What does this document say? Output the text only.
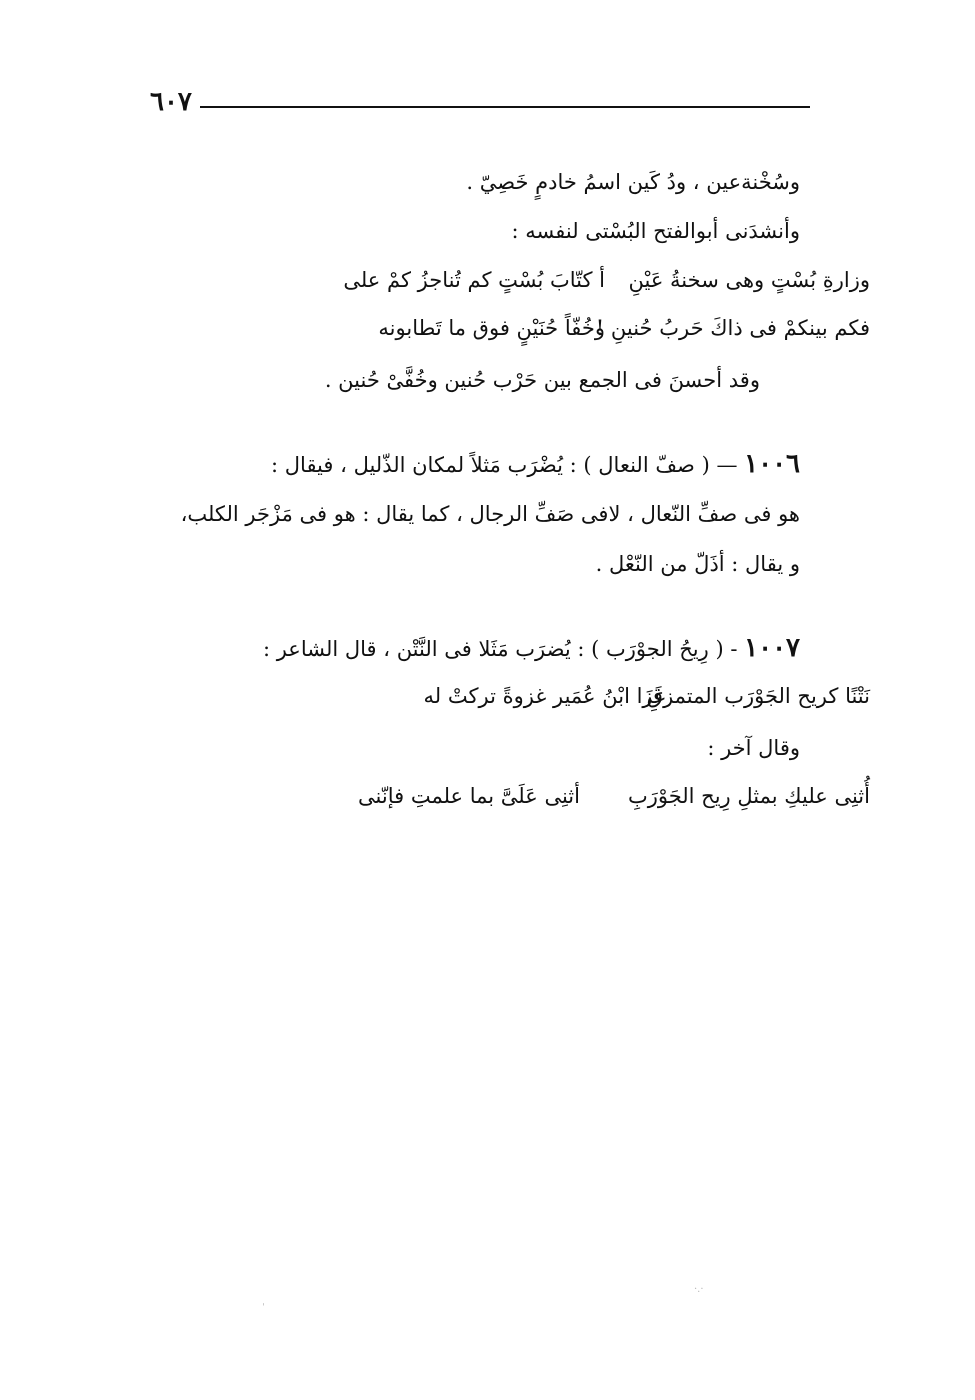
٦٠٧
وسُخْنةعين ، ودُ كَين اسمُ خادمٍ خَصِيّ .
وأنشدَنى أبوالفتح البُسْتى لنفسه :
أ كتّابَ بُسْتٍ كم تُناجزُ كمْ على وزارةِ بُسْتٍ وهى سخنةُ عَيْنِ
وخُفّاً حُنَيْنٍ فوق ما تَطابونه
فكم بينكمْ فى ذاكَ حَربُ حُنينِ !
وقد أحسنَ فى الجمع بين حَرْب حُنين وخُفَّىْ حُنين .
١٠٠٦ — ( صفّ النعال ) : يُضْرَب مَثلاً لمكان الذّليل ، فيقال :
هو فى صفِّ النّعال ، لافى صَفِّ الرجال ، كما يقال : هو فى مَزْجَر الكلب،
و يقال : أذَلّ من النّعْل .
١٠٠٧ - ( رِيحُ الجوْرَب ) : يُضرَب مَثَلا فى النَّتْن ، قال الشاعر :
غَزَا ابْنُ عُمَير غزوةً تركتْ له
نَتْنًا كريح الجَوْرَب المتمزقِ
وقال آخر :
أثنِى عَلَىَّ بما علمتِ فإنّنى أُثنِى عليكِ بمثلِ رِيح الجَوْرَبِ
ˌ
·.·
